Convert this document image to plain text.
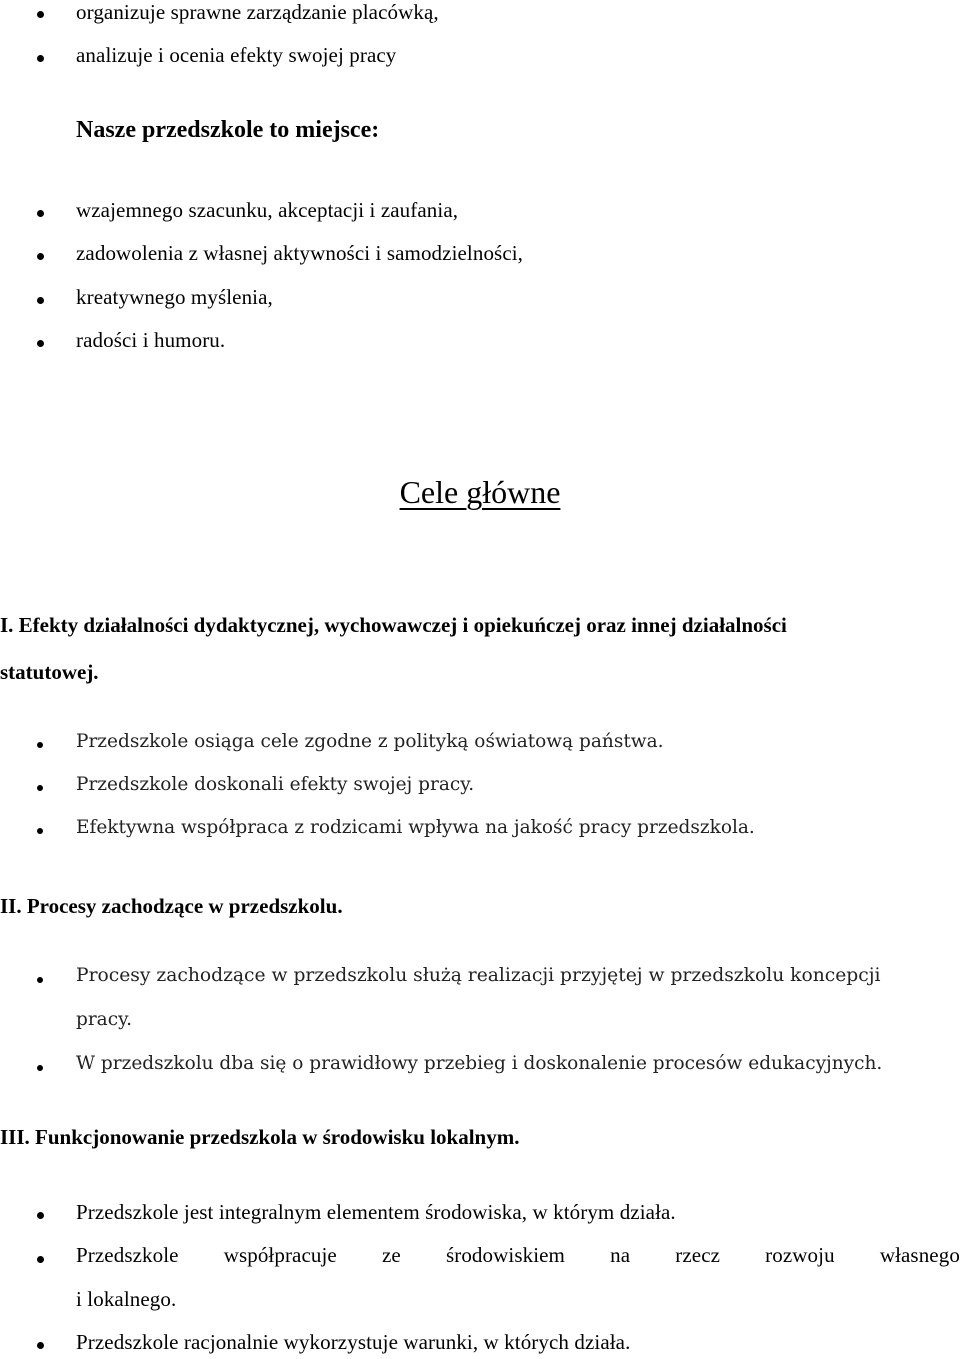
organizuje sprawne zarządzanie placówką,

analizuje i ocenia efekty swojej pracy

Nasze przedszkole to miejsce:

wzajemnego szacunku, akceptacji i zaufania,

zadowolenia z własnej aktywności i samodzielności,

kreatywnego myślenia,

radości i humoru.

Cele główne

I. Efekty działalności dydaktycznej, wychowawczej i opiekuńczej oraz innej działalności

statutowej.

Przedszkole osiąga cele zgodne z polityką oświatową państwa.

Przedszkole doskonali efekty swojej pracy.

Efektywna współpraca z rodzicami wpływa na jakość pracy przedszkola.

II. Procesy zachodzące w przedszkolu.

Procesy zachodzące w przedszkolu służą realizacji przyjętej w przedszkolu koncepcji

pracy.

W przedszkolu dba się o prawidłowy przebieg i doskonalenie procesów edukacyjnych.

III. Funkcjonowanie przedszkola w środowisku lokalnym.

Przedszkole jest integralnym elementem środowiska, w którym działa.

Przedszkole współpracuje ze środowiskiem na rzecz rozwoju własnego

i lokalnego.

Przedszkole racjonalnie wykorzystuje warunki, w których działa.
